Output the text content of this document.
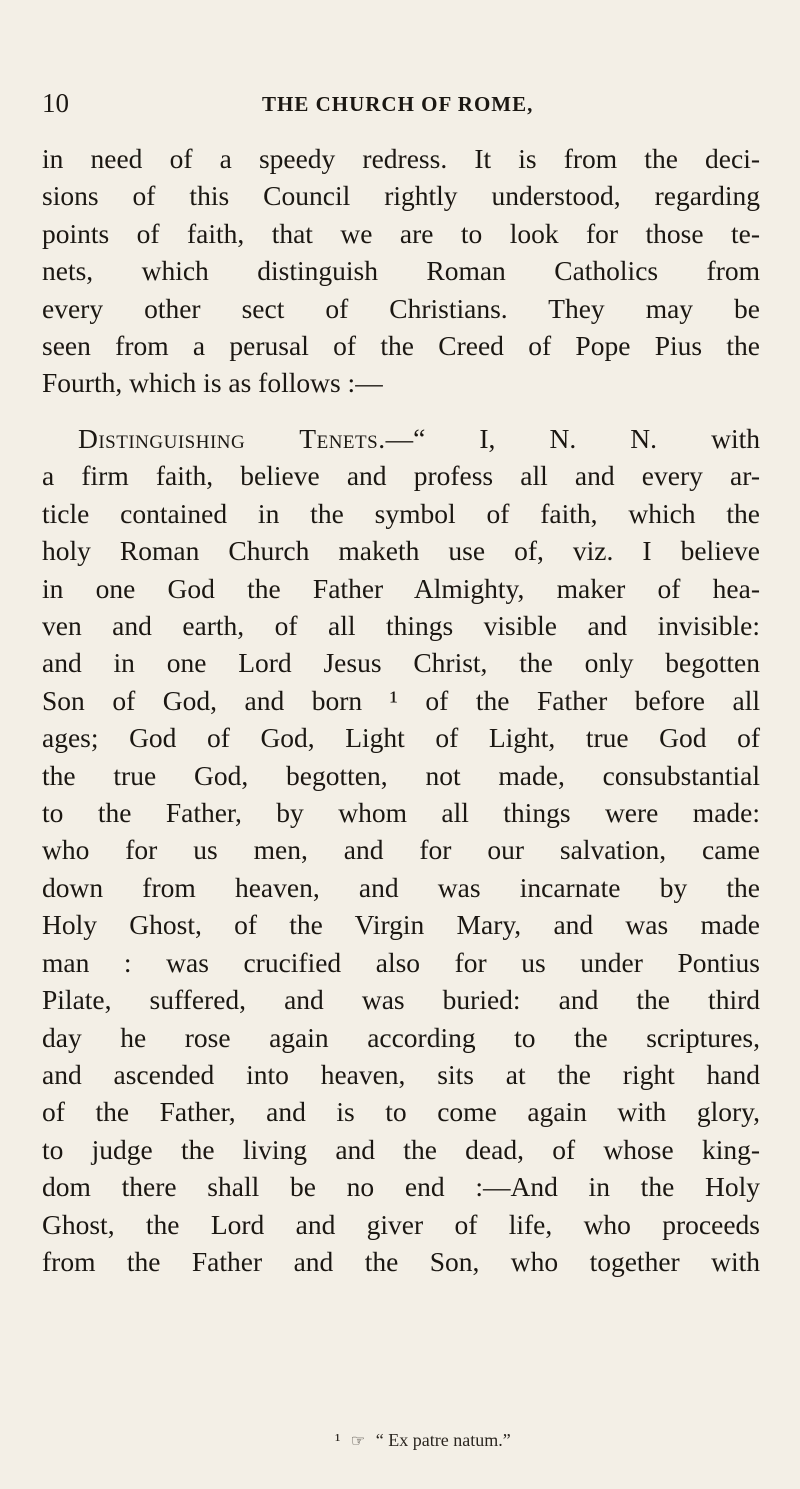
10	THE CHURCH OF ROME,
in need of a speedy redress. It is from the deci-
sions of this Council rightly understood, regarding
points of faith, that we are to look for those te-
nets, which distinguish Roman Catholics from
every other sect of Christians. They may be
seen from a perusal of the Creed of Pope Pius the
Fourth, which is as follows :—
Distinguishing Tenets.—“ I, N. N. with
a firm faith, believe and profess all and every ar-
ticle contained in the symbol of faith, which the
holy Roman Church maketh use of, viz. I believe
in one God the Father Almighty, maker of hea-
ven and earth, of all things visible and invisible:
and in one Lord Jesus Christ, the only begotten
Son of God, and born ¹ of the Father before all
ages; God of God, Light of Light, true God of
the true God, begotten, not made, consubstantial
to the Father, by whom all things were made:
who for us men, and for our salvation, came
down from heaven, and was incarnate by the
Holy Ghost, of the Virgin Mary, and was made
man : was crucified also for us under Pontius
Pilate, suffered, and was buried: and the third
day he rose again according to the scriptures,
and ascended into heaven, sits at the right hand
of the Father, and is to come again with glory,
to judge the living and the dead, of whose king-
dom there shall be no end :—And in the Holy
Ghost, the Lord and giver of life, who proceeds
from the Father and the Son, who together with
¹ ☞ “ Ex patre natum.”
